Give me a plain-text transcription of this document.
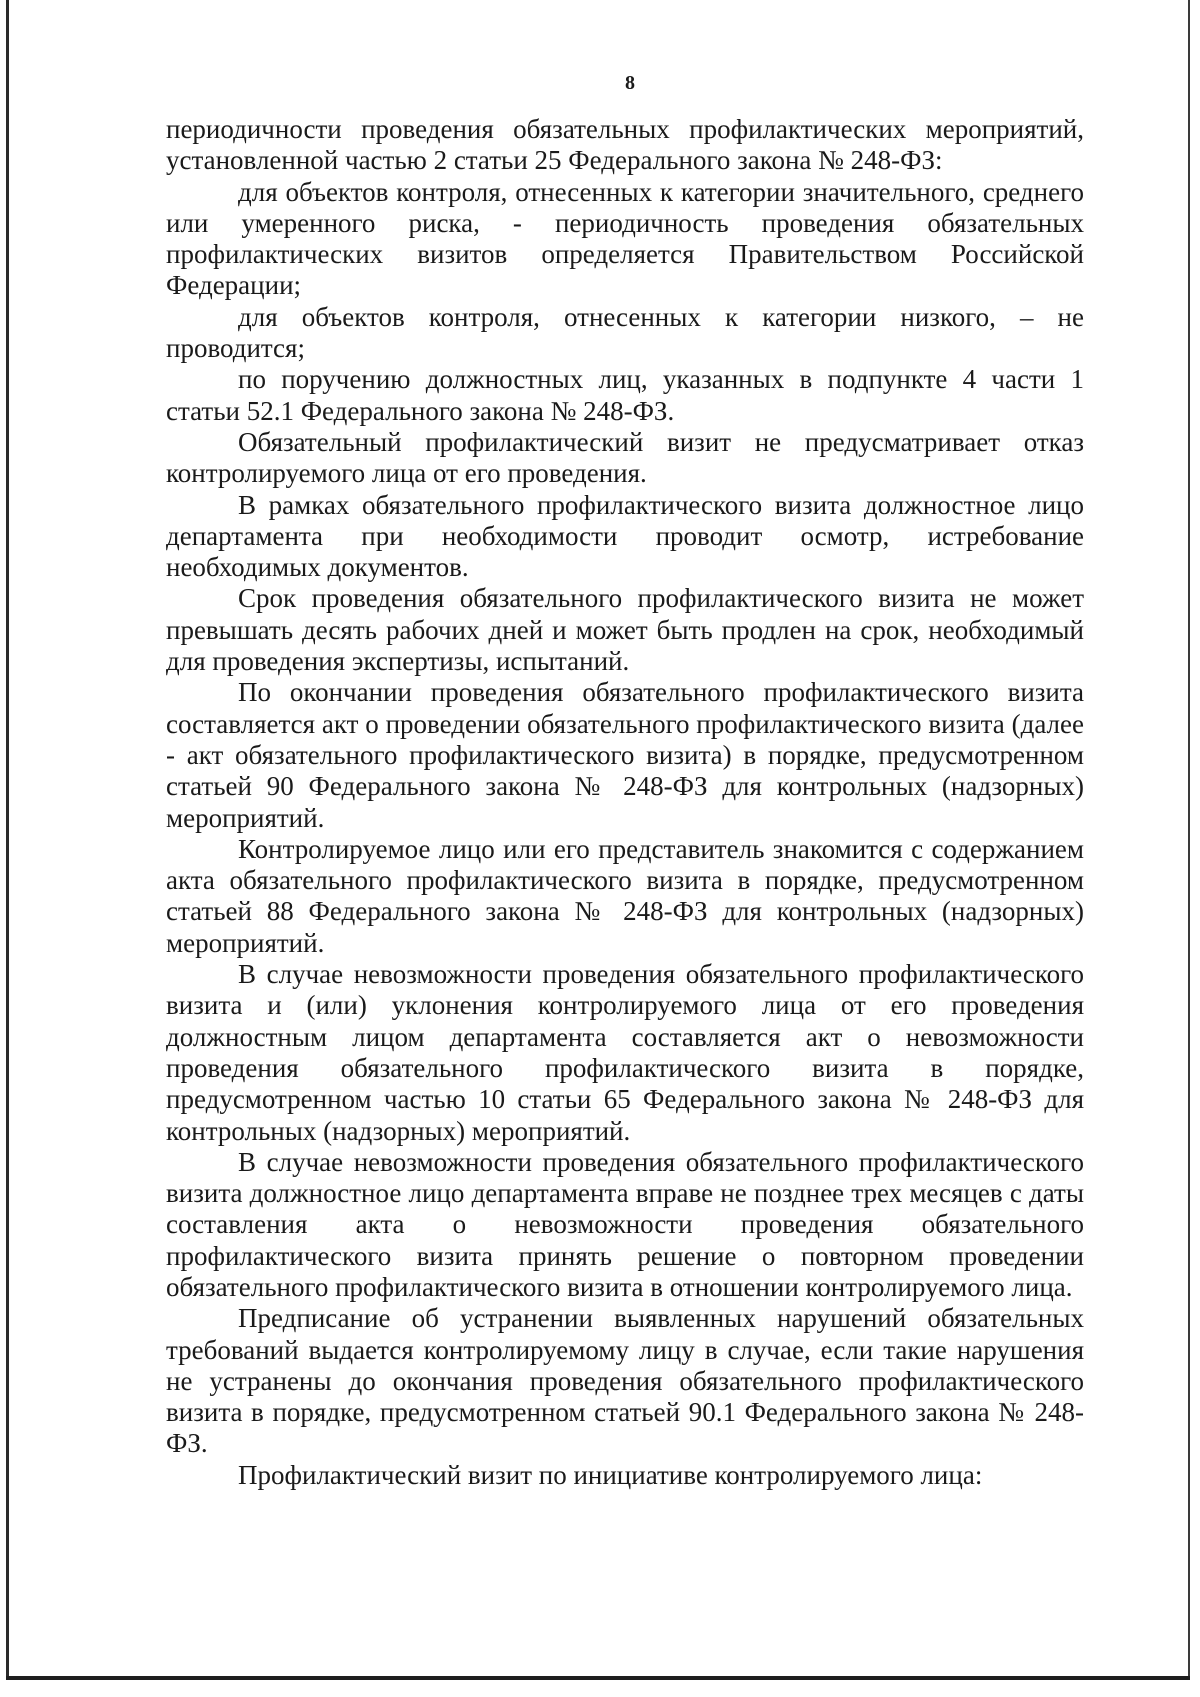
8

периодичности проведения обязательных профилактических мероприятий, установленной частью 2 статьи 25 Федерального закона № 248-ФЗ:

для объектов контроля, отнесенных к категории значительного, среднего или умеренного риска, - периодичность проведения обязательных профилактических визитов определяется Правительством Российской Федерации;

для объектов контроля, отнесенных к категории низкого, – не проводится;

по поручению должностных лиц, указанных в подпункте 4 части 1 статьи 52.1 Федерального закона № 248-ФЗ.

Обязательный профилактический визит не предусматривает отказ контролируемого лица от его проведения.

В рамках обязательного профилактического визита должностное лицо департамента при необходимости проводит осмотр, истребование необходимых документов.

Срок проведения обязательного профилактического визита не может превышать десять рабочих дней и может быть продлен на срок, необходимый для проведения экспертизы, испытаний.

По окончании проведения обязательного профилактического визита составляется акт о проведении обязательного профилактического визита (далее - акт обязательного профилактического визита) в порядке, предусмотренном статьей 90 Федерального закона № 248-ФЗ для контрольных (надзорных) мероприятий.

Контролируемое лицо или его представитель знакомится с содержанием акта обязательного профилактического визита в порядке, предусмотренном статьей 88 Федерального закона № 248-ФЗ для контрольных (надзорных) мероприятий.

В случае невозможности проведения обязательного профилактического визита и (или) уклонения контролируемого лица от его проведения должностным лицом департамента составляется акт о невозможности проведения обязательного профилактического визита в порядке, предусмотренном частью 10 статьи 65 Федерального закона № 248-ФЗ для контрольных (надзорных) мероприятий.

В случае невозможности проведения обязательного профилактического визита должностное лицо департамента вправе не позднее трех месяцев с даты составления акта о невозможности проведения обязательного профилактического визита принять решение о повторном проведении обязательного профилактического визита в отношении контролируемого лица.

Предписание об устранении выявленных нарушений обязательных требований выдается контролируемому лицу в случае, если такие нарушения не устранены до окончания проведения обязательного профилактического визита в порядке, предусмотренном статьей 90.1 Федерального закона № 248-ФЗ.

Профилактический визит по инициативе контролируемого лица:
